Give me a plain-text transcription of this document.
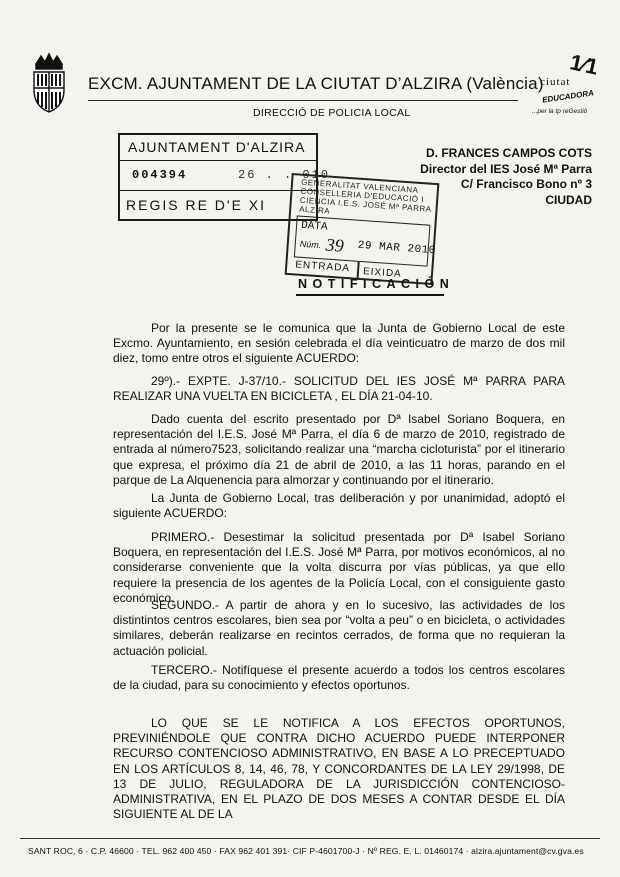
EXCM. AJUNTAMENT DE LA CIUTAT D’ALZIRA (València)
DIRECCIÓ DE POLICIA LOCAL
1⁄1
ciutat
EDUCADORA
...per la tp reGestiö
AJUNTAMENT D'ALZIRA
004394	26 . . 010
REGIS RE D'E XI
GENERALITAT VALENCIANA CONSELLERIA D'EDUCACIÓ I CIENCIA I.E.S. JOSÉ Mª PARRA ALZIRA
DATA
Núm. 39 29 MAR 2010
ENTRADA EIXIDA
D. FRANCES CAMPOS COTS
Director del IES José Mª Parra
C/ Francisco Bono nº 3
CIUDAD
NOTIFICACIÓN
Por la presente se le comunica que la Junta de Gobierno Local de este Excmo. Ayuntamiento, en sesión celebrada el día veinticuatro de marzo de dos mil diez, tomo entre otros el siguiente ACUERDO:
29º).- EXPTE. J-37/10.- SOLICITUD DEL IES JOSÉ Mª PARRA PARA REALIZAR UNA VUELTA EN BICICLETA , EL DÍA 21-04-10.
Dado cuenta del escrito presentado por Dª Isabel Soriano Boquera, en representación del I.E.S. José Mª Parra, el día 6 de marzo de 2010, registrado de entrada al número7523, solicitando realizar una “marcha cicloturista” por el itinerario que expresa, el próximo día 21 de abril de 2010, a las 11 horas, parando en el parque de La Alquenencia para almorzar y continuando por el itinerario.
La Junta de Gobierno Local, tras deliberación y por unanimidad, adoptó el siguiente ACUERDO:
PRIMERO.- Desestimar la solicitud presentada por Dª Isabel Soriano Boquera, en representación del I.E.S. José Mª Parra, por motivos económicos, al no considerarse conveniente que la volta discurra por vías públicas, ya que ello requiere la presencia de los agentes de la Policía Local, con el consiguiente gasto económico.
SEGUNDO.- A partir de ahora y en lo sucesivo, las actividades de los distintintos centros escolares, bien sea por “volta a peu” o en bicicleta, o actividades similares, deberán realizarse en recintos cerrados, de forma que no requieran la actuación policial.
TERCERO.- Notifíquese el presente acuerdo a todos los centros escolares de la ciudad, para su conocimiento y efectos oportunos.
LO QUE SE LE NOTIFICA A LOS EFECTOS OPORTUNOS, PREVINIÉNDOLE QUE CONTRA DICHO ACUERDO PUEDE INTERPONER RECURSO CONTENCIOSO ADMINISTRATIVO, EN BASE A LO PRECEPTUADO EN LOS ARTÍCULOS 8, 14, 46, 78, Y CONCORDANTES DE LA LEY 29/1998, DE 13 DE JULIO, REGULADORA DE LA JURISDICCIÓN CONTENCIOSO-ADMINISTRATIVA, EN EL PLAZO DE DOS MESES A CONTAR DESDE EL DÍA SIGUIENTE AL DE LA
SANT ROC, 6 · C.P. 46600 · TEL. 962 400 450 · FAX 962 401 391· CIF P-4601700-J · Nº REG. E. L. 01460174 · alzira.ajuntament@cv.gva.es
